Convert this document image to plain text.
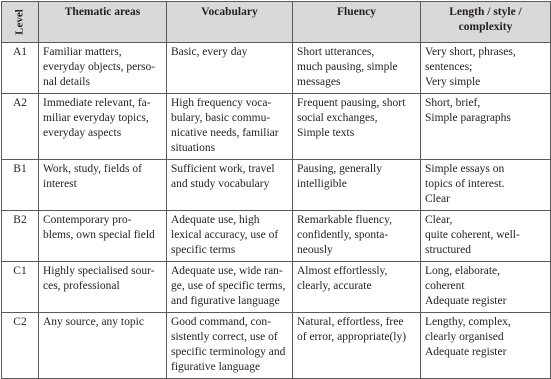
Level	Thematic areas	Vocabulary	Fluency	Length / style / complexity

A1	Familiar matters,
everyday objects, perso-
nal details	Basic, every day	Short utterances,
much pausing, simple
messages	Very short, phrases,
sentences;
Very simple

A2	Immediate relevant, fa-
miliar everyday topics,
everyday aspects	High frequency voca-
bulary, basic commu-
nicative needs, familiar
situations	Frequent pausing, short
social exchanges,
Simple texts	Short, brief,
Simple paragraphs

B1	Work, study, fields of
interest	Sufficient work, travel
and study vocabulary	Pausing, generally
intelligible	Simple essays on
topics of interest.
Clear

B2	Contemporary pro-
blems, own special field	Adequate use, high
lexical accuracy, use of
specific terms	Remarkable fluency,
confidently, sponta-
neously	Clear,
quite coherent, well-
structured

C1	Highly specialised sour-
ces, professional	Adequate use, wide ran-
ge, use of specific terms,
and figurative language	Almost effortlessly,
clearly, accurate	Long, elaborate,
coherent
Adequate register

C2	Any source, any topic	Good command, con-
sistently correct, use of
specific terminology and
figurative language	Natural, effortless, free
of error, appropriate(ly)	Lengthy, complex,
clearly organised
Adequate register
